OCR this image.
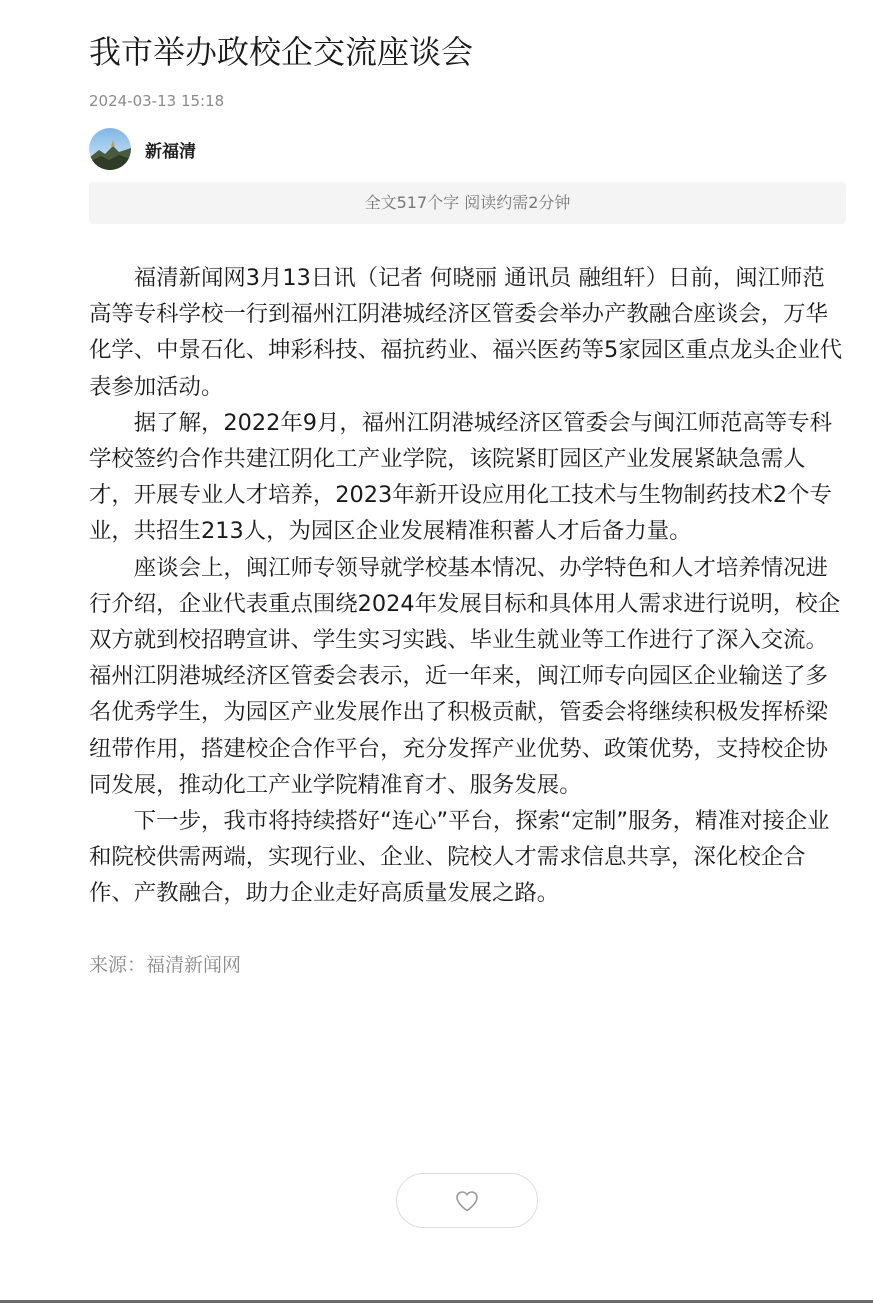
我市举办政校企交流座谈会
2024-03-13 15:18
新福清
全文517个字 阅读约需2分钟

福清新闻网3月13日讯（记者 何晓丽 通讯员 融组轩）日前，闽江师范高等专科学校一行到福州江阴港城经济区管委会举办产教融合座谈会，万华化学、中景石化、坤彩科技、福抗药业、福兴医药等5家园区重点龙头企业代表参加活动。

据了解，2022年9月，福州江阴港城经济区管委会与闽江师范高等专科学校签约合作共建江阴化工产业学院，该院紧盯园区产业发展紧缺急需人才，开展专业人才培养，2023年新开设应用化工技术与生物制药技术2个专业，共招生213人，为园区企业发展精准积蓄人才后备力量。

座谈会上，闽江师专领导就学校基本情况、办学特色和人才培养情况进行介绍，企业代表重点围绕2024年发展目标和具体用人需求进行说明，校企双方就到校招聘宣讲、学生实习实践、毕业生就业等工作进行了深入交流。福州江阴港城经济区管委会表示，近一年来，闽江师专向园区企业输送了多名优秀学生，为园区产业发展作出了积极贡献，管委会将继续积极发挥桥梁纽带作用，搭建校企合作平台，充分发挥产业优势、政策优势，支持校企协同发展，推动化工产业学院精准育才、服务发展。

下一步，我市将持续搭好“连心”平台，探索“定制”服务，精准对接企业和院校供需两端，实现行业、企业、院校人才需求信息共享，深化校企合作、产教融合，助力企业走好高质量发展之路。

来源：福清新闻网
